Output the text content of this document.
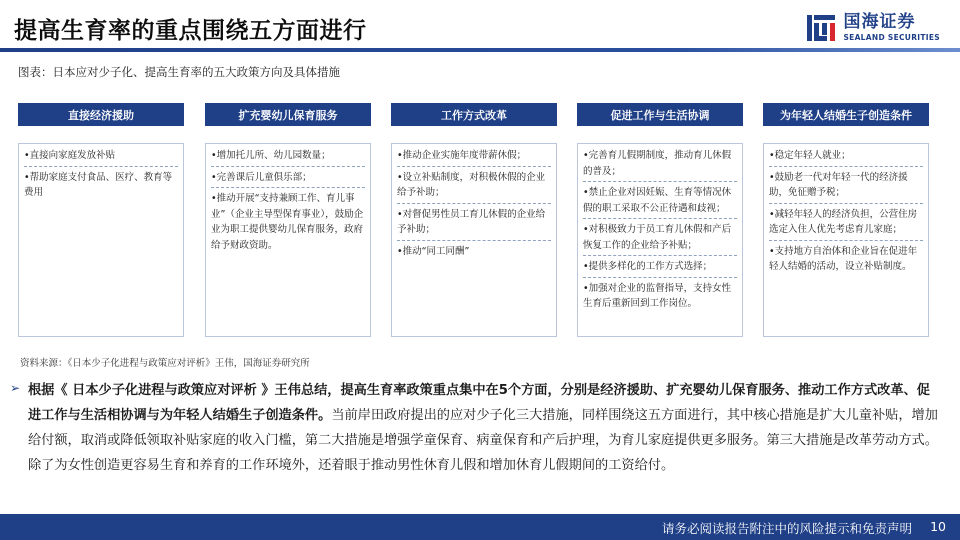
提高生育率的重点围绕五方面进行	国海证券
SEALAND SECURITIES
图表：日本应对少子化、提高生育率的五大政策方向及具体措施
直接经济援助
•直接向家庭发放补贴
•帮助家庭支付食品、医疗、教育等费用
扩充婴幼儿保育服务
•增加托儿所、幼儿园数量；
•完善课后儿童俱乐部；
•推动开展“支持兼顾工作、育儿事业”（企业主导型保育事业），鼓励企业为职工提供婴幼儿保育服务，政府给予财政资助。
工作方式改革
•推动企业实施年度带薪休假；
•设立补贴制度，对积极休假的企业给予补助；
•对督促男性员工育儿休假的企业给予补助；
•推动“同工同酬”
促进工作与生活协调
•完善育儿假期制度，推动育儿休假的普及；
•禁止企业对因妊娠、生育等情况休假的职工采取不公正待遇和歧视；
•对积极致力于员工育儿休假和产后恢复工作的企业给予补贴；
•提供多样化的工作方式选择；
•加强对企业的监督指导，支持女性生育后重新回到工作岗位。
为年轻人结婚生子创造条件
•稳定年轻人就业；
•鼓励老一代对年轻一代的经济援助，免征赠予税；
•减轻年轻人的经济负担，公营住房选定入住人优先考虑育儿家庭；
•支持地方自治体和企业旨在促进年轻人结婚的活动，设立补贴制度。
资料来源：《日本少子化进程与政策应对评析》王伟，国海证券研究所
➢ 根据《 日本少子化进程与政策应对评析 》王伟总结，提高生育率政策重点集中在5个方面，分别是经济援助、扩充婴幼儿保育服务、推动工作方式改革、促进工作与生活相协调与为年轻人结婚生子创造条件。当前岸田政府提出的应对少子化三大措施，同样围绕这五方面进行，其中核心措施是扩大儿童补贴，增加给付额，取消或降低领取补贴家庭的收入门槛，第二大措施是增强学童保育、病童保育和产后护理，为育儿家庭提供更多服务。第三大措施是改革劳动方式。除了为女性创造更容易生育和养育的工作环境外，还着眼于推动男性休育儿假和增加休育儿假期间的工资给付。
请务必阅读报告附注中的风险提示和免责声明 10
